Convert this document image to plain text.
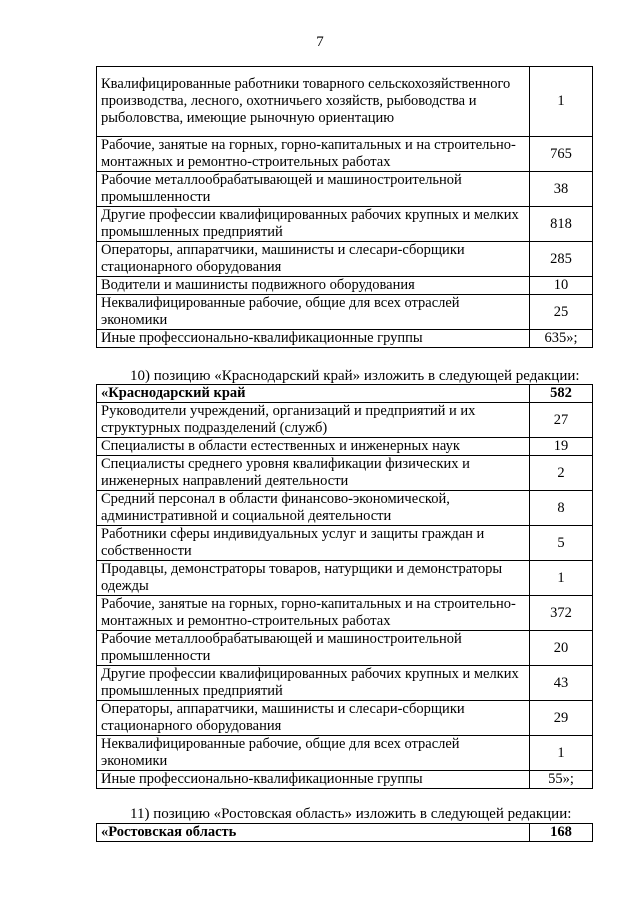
7
Квалифицированные работники товарного сельскохозяйственного производства, лесного, охотничьего хозяйств, рыбоводства и рыболовства, имеющие рыночную ориентацию	1
Рабочие, занятые на горных, горно-капитальных и на строительно-монтажных и ремонтно-строительных работах	765
Рабочие металлообрабатывающей и машиностроительной промышленности	38
Другие профессии квалифицированных рабочих крупных и мелких промышленных предприятий	818
Операторы, аппаратчики, машинисты и слесари-сборщики стационарного оборудования	285
Водители и машинисты подвижного оборудования	10
Неквалифицированные рабочие, общие для всех отраслей экономики	25
Иные профессионально-квалификационные группы	635»;
10) позицию «Краснодарский край» изложить в следующей редакции:
«Краснодарский край	582
Руководители учреждений, организаций и предприятий и их структурных подразделений (служб)	27
Специалисты в области естественных и инженерных наук	19
Специалисты среднего уровня квалификации физических и инженерных направлений деятельности	2
Средний персонал в области финансово-экономической, административной и социальной деятельности	8
Работники сферы индивидуальных услуг и защиты граждан и собственности	5
Продавцы, демонстраторы товаров, натурщики и демонстраторы одежды	1
Рабочие, занятые на горных, горно-капитальных и на строительно-монтажных и ремонтно-строительных работах	372
Рабочие металлообрабатывающей и машиностроительной промышленности	20
Другие профессии квалифицированных рабочих крупных и мелких промышленных предприятий	43
Операторы, аппаратчики, машинисты и слесари-сборщики стационарного оборудования	29
Неквалифицированные рабочие, общие для всех отраслей экономики	1
Иные профессионально-квалификационные группы	55»;
11) позицию «Ростовская область» изложить в следующей редакции:
«Ростовская область	168
